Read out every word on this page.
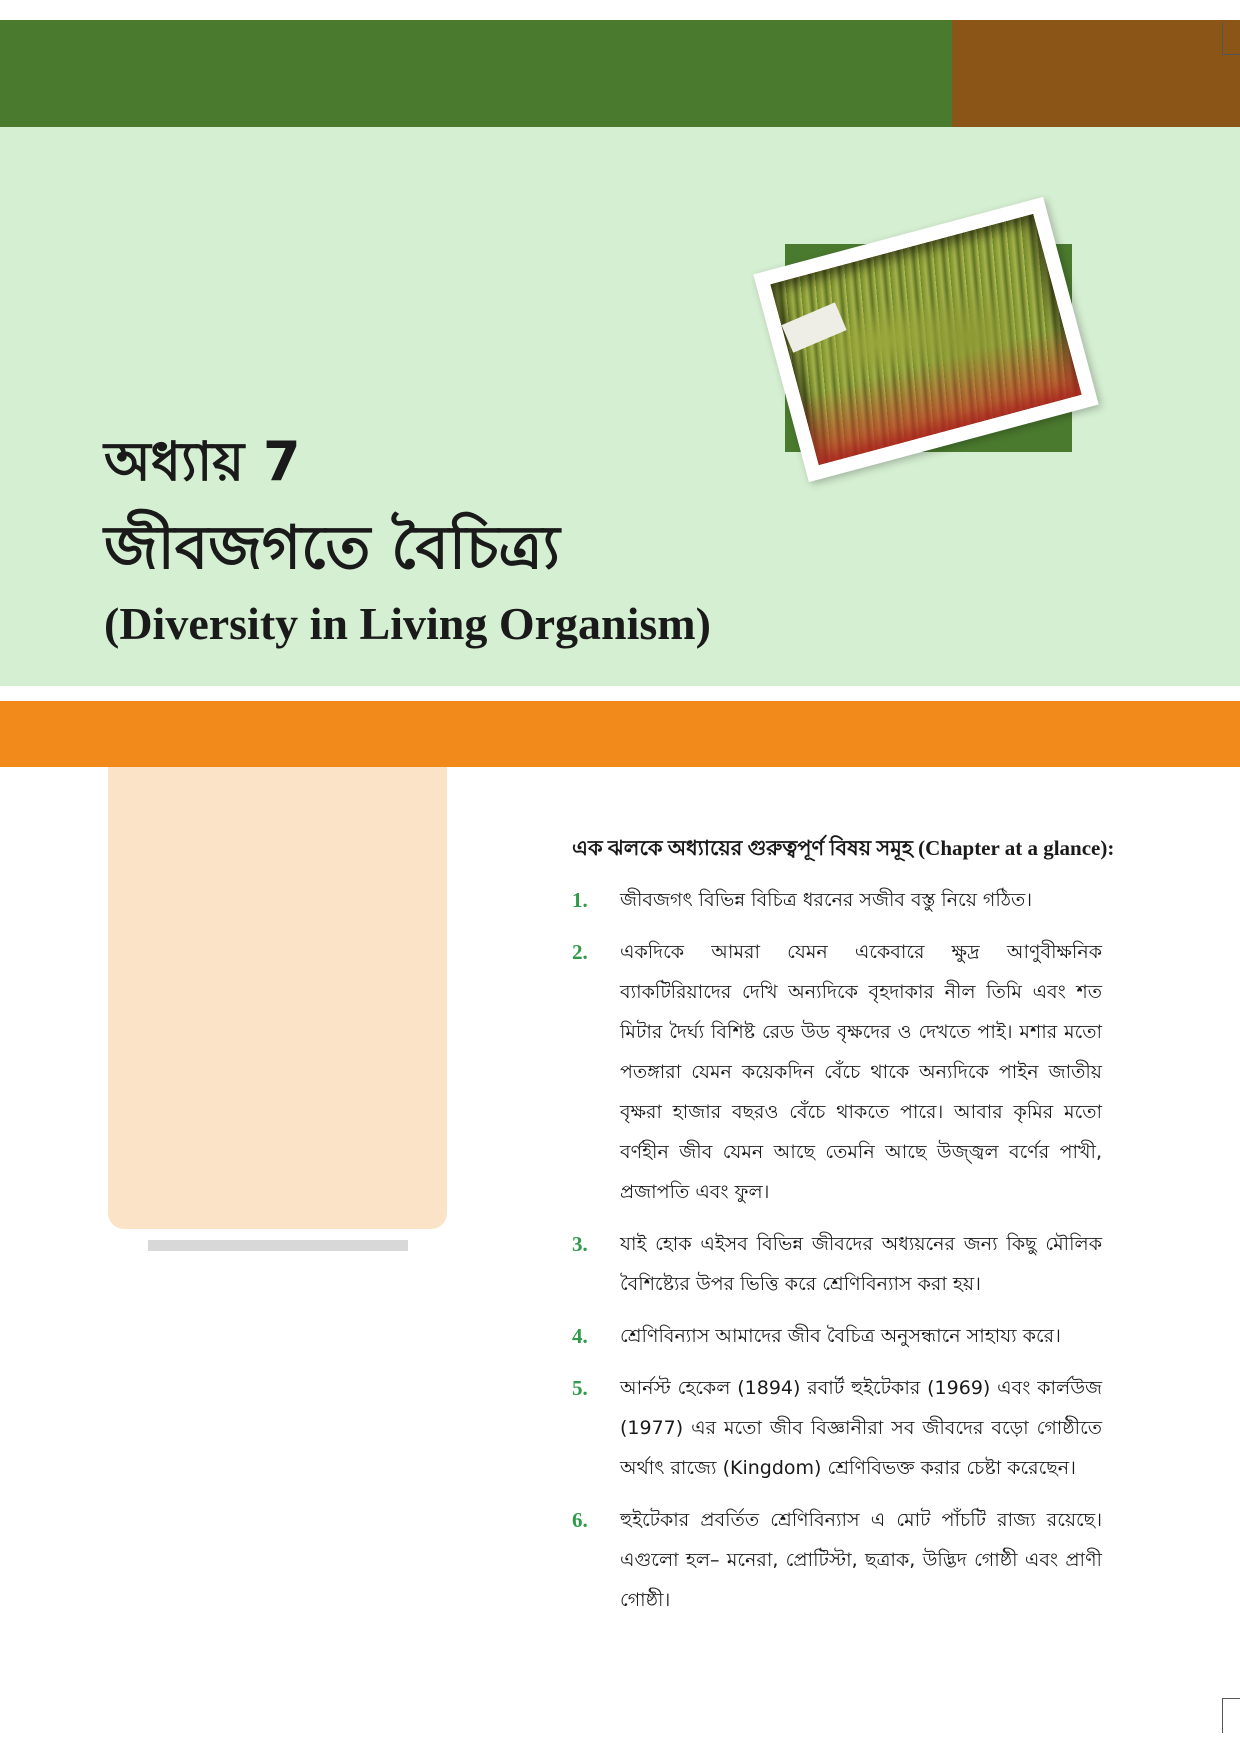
অধ্যায় 7
জীবজগতে বৈচিত্র্য
(Diversity in Living Organism)
এক ঝলকে অধ্যায়ের গুরুত্বপূর্ণ বিষয় সমূহ (Chapter at a glance):
1.	জীবজগৎ বিভিন্ন বিচিত্র ধরনের সজীব বস্তু নিয়ে গঠিত।
2.	একদিকে আমরা যেমন একেবারে ক্ষুদ্র আণুবীক্ষনিক ব্যাকটিরিয়াদের দেখি অন্যদিকে বৃহদাকার নীল তিমি এবং শত মিটার দৈর্ঘ্য বিশিষ্ট রেড উড বৃক্ষদের ও দেখতে পাই। মশার মতো পতঙ্গারা যেমন কয়েকদিন বেঁচে থাকে অন্যদিকে পাইন জাতীয় বৃক্ষরা হাজার বছরও বেঁচে থাকতে পারে। আবার কৃমির মতো বর্ণহীন জীব যেমন আছে তেমনি আছে উজ্জ্বল বর্ণের পাখী, প্রজাপতি এবং ফুল।
3.	যাই হোক এইসব বিভিন্ন জীবদের অধ্যয়নের জন্য কিছু মৌলিক বৈশিষ্ট্যের উপর ভিত্তি করে শ্রেণিবিন্যাস করা হয়।
4.	শ্রেণিবিন্যাস আমাদের জীব বৈচিত্র অনুসন্ধানে সাহায্য করে।
5.	আর্নস্ট হেকেল (1894) রবার্ট হুইটেকার (1969) এবং কার্লউজ (1977) এর মতো জীব বিজ্ঞানীরা সব জীবদের বড়ো গোষ্ঠীতে অর্থাৎ রাজ্যে (Kingdom) শ্রেণিবিভক্ত করার চেষ্টা করেছেন।
6.	হুইটেকার প্রবর্তিত শ্রেণিবিন্যাস এ মোট পাঁচটি রাজ্য রয়েছে। এগুলো হল– মনেরা, প্রোটিস্টা, ছত্রাক, উদ্ভিদ গোষ্ঠী এবং প্রাণী গোষ্ঠী।
